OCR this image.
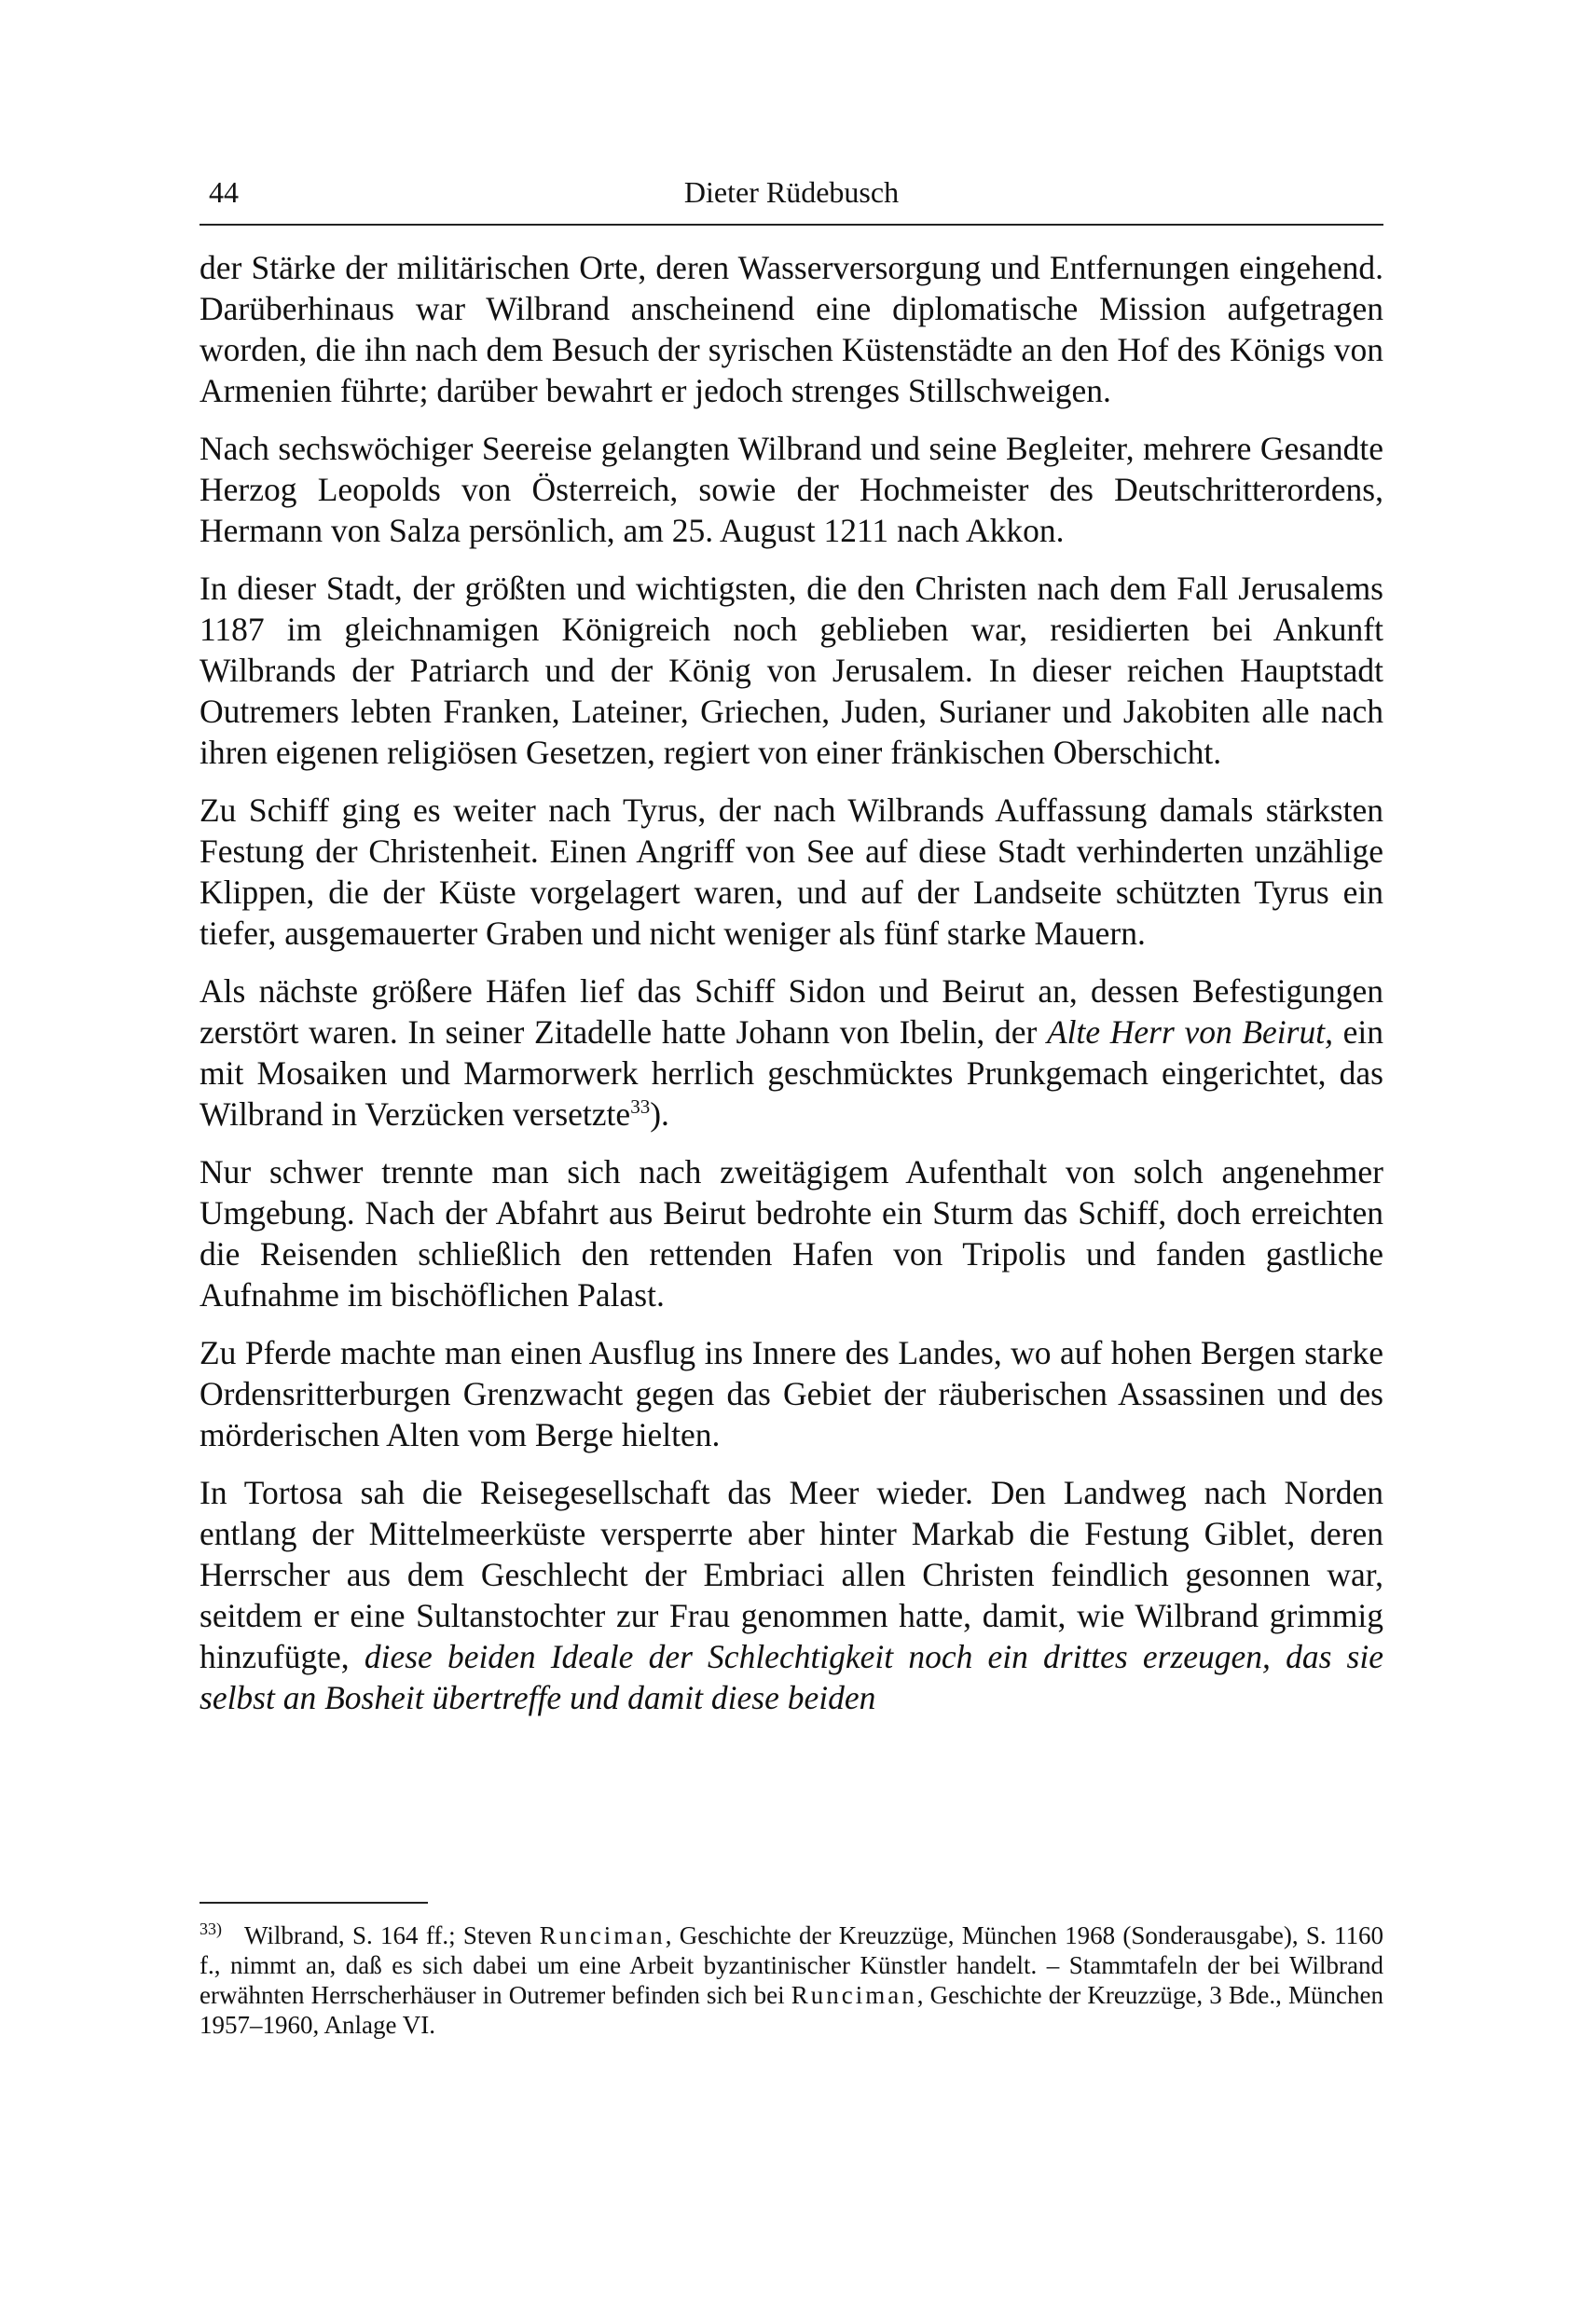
44	Dieter Rüdebusch

der Stärke der militärischen Orte, deren Wasserversorgung und Entfernungen eingehend. Darüberhinaus war Wilbrand anscheinend eine diplomatische Mission aufgetragen worden, die ihn nach dem Besuch der syrischen Küstenstädte an den Hof des Königs von Armenien führte; darüber bewahrt er jedoch strenges Stillschweigen.

Nach sechswöchiger Seereise gelangten Wilbrand und seine Begleiter, mehrere Gesandte Herzog Leopolds von Österreich, sowie der Hochmeister des Deutschritterordens, Hermann von Salza persönlich, am 25. August 1211 nach Akkon.

In dieser Stadt, der größten und wichtigsten, die den Christen nach dem Fall Jerusalems 1187 im gleichnamigen Königreich noch geblieben war, residierten bei Ankunft Wilbrands der Patriarch und der König von Jerusalem. In dieser reichen Hauptstadt Outremers lebten Franken, Lateiner, Griechen, Juden, Surianer und Jakobiten alle nach ihren eigenen religiösen Gesetzen, regiert von einer fränkischen Oberschicht.

Zu Schiff ging es weiter nach Tyrus, der nach Wilbrands Auffassung damals stärksten Festung der Christenheit. Einen Angriff von See auf diese Stadt verhinderten unzählige Klippen, die der Küste vorgelagert waren, und auf der Landseite schützten Tyrus ein tiefer, ausgemauerter Graben und nicht weniger als fünf starke Mauern.

Als nächste größere Häfen lief das Schiff Sidon und Beirut an, dessen Befestigungen zerstört waren. In seiner Zitadelle hatte Johann von Ibelin, der Alte Herr von Beirut, ein mit Mosaiken und Marmorwerk herrlich geschmücktes Prunkgemach eingerichtet, das Wilbrand in Verzücken versetzte$^{33}$).

Nur schwer trennte man sich nach zweitägigem Aufenthalt von solch angenehmer Umgebung. Nach der Abfahrt aus Beirut bedrohte ein Sturm das Schiff, doch erreichten die Reisenden schließlich den rettenden Hafen von Tripolis und fanden gastliche Aufnahme im bischöflichen Palast.

Zu Pferde machte man einen Ausflug ins Innere des Landes, wo auf hohen Bergen starke Ordensritterburgen Grenzwacht gegen das Gebiet der räuberischen Assassinen und des mörderischen Alten vom Berge hielten.

In Tortosa sah die Reisegesellschaft das Meer wieder. Den Landweg nach Norden entlang der Mittelmeerküste versperrte aber hinter Markab die Festung Giblet, deren Herrscher aus dem Geschlecht der Embriaci allen Christen feindlich gesonnen war, seitdem er eine Sultanstochter zur Frau genommen hatte, damit, wie Wilbrand grimmig hinzufügte, diese beiden Ideale der Schlechtigkeit noch ein drittes erzeugen, das sie selbst an Bosheit übertreffe und damit diese beiden

33) Wilbrand, S. 164 ff.; Steven Runciman, Geschichte der Kreuzzüge, München 1968 (Sonderausgabe), S. 1160 f., nimmt an, daß es sich dabei um eine Arbeit byzantinischer Künstler handelt. – Stammtafeln der bei Wilbrand erwähnten Herrscherhäuser in Outremer befinden sich bei Runciman, Geschichte der Kreuzzüge, 3 Bde., München 1957–1960, Anlage VI.
